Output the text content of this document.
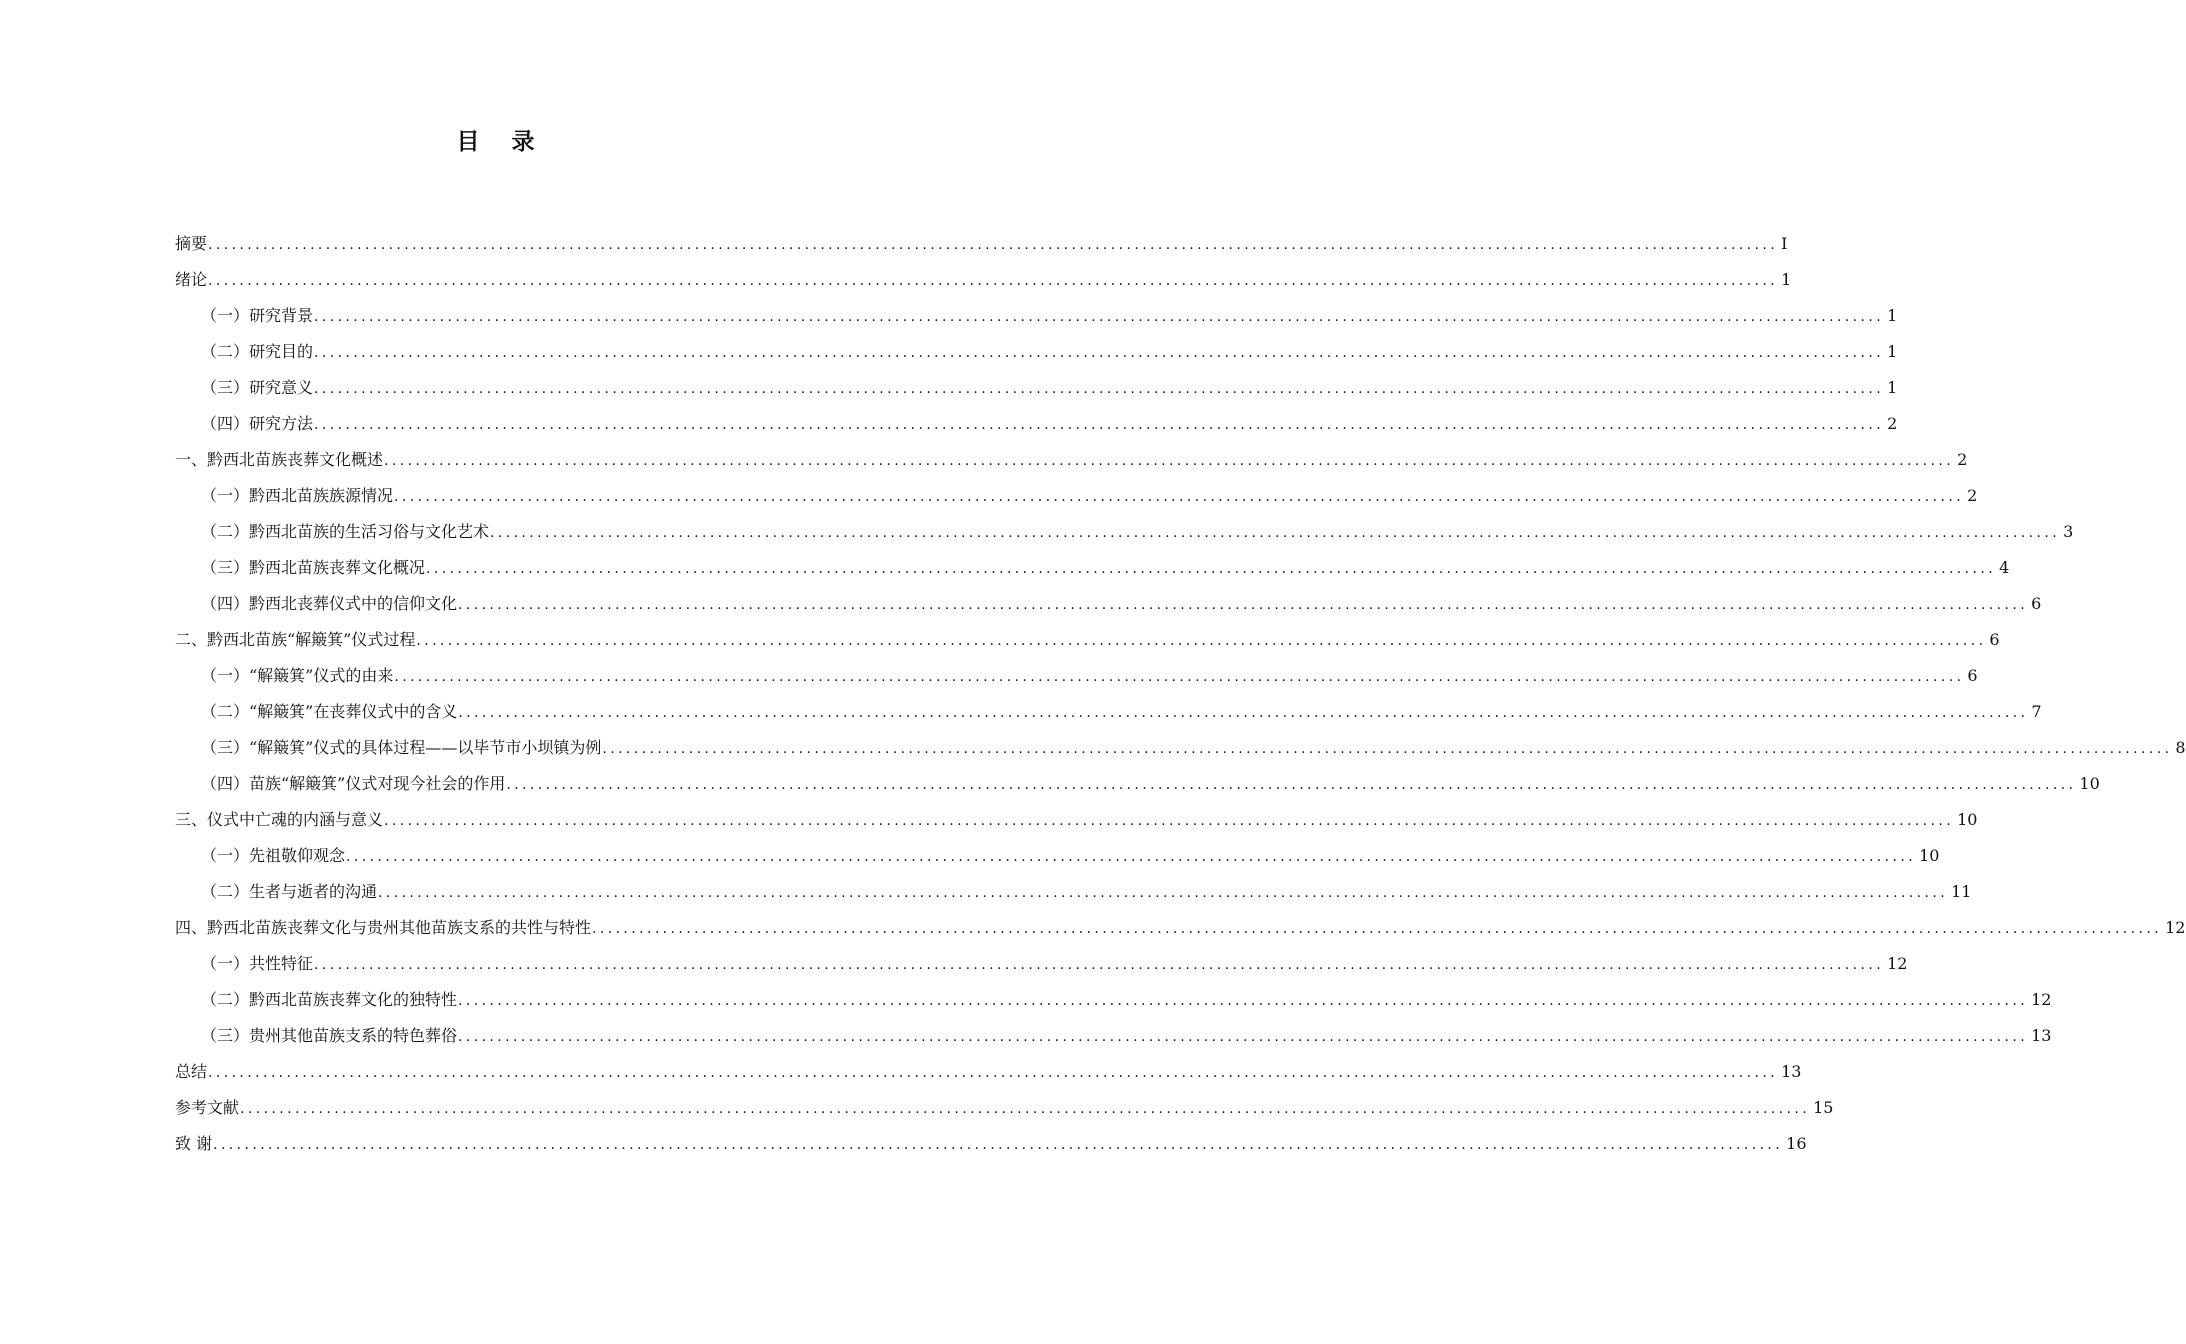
目 录
摘要 ........................................................................................................................................................................................................ I
绪论 ........................................................................................................................................................................................................ 1
（一）研究背景 ........................................................................................................................................................................................................ 1
（二）研究目的 ........................................................................................................................................................................................................ 1
（三）研究意义 ........................................................................................................................................................................................................ 1
（四）研究方法 ........................................................................................................................................................................................................ 2
一、黔西北苗族丧葬文化概述 ........................................................................................................................................................................................................ 2
（一）黔西北苗族族源情况 ........................................................................................................................................................................................................ 2
（二）黔西北苗族的生活习俗与文化艺术 ........................................................................................................................................................................................................ 3
（三）黔西北苗族丧葬文化概况 ........................................................................................................................................................................................................ 4
（四）黔西北丧葬仪式中的信仰文化 ........................................................................................................................................................................................................ 6
二、黔西北苗族“解簸箕”仪式过程 ........................................................................................................................................................................................................ 6
（一）“解簸箕”仪式的由来 ........................................................................................................................................................................................................ 6
（二）“解簸箕”在丧葬仪式中的含义 ........................................................................................................................................................................................................ 7
（三）“解簸箕”仪式的具体过程——以毕节市小坝镇为例 ........................................................................................................................................................................................................ 8
（四）苗族“解簸箕”仪式对现今社会的作用 ........................................................................................................................................................................................................ 10
三、仪式中亡魂的内涵与意义 ........................................................................................................................................................................................................ 10
（一）先祖敬仰观念 ........................................................................................................................................................................................................ 10
（二）生者与逝者的沟通 ........................................................................................................................................................................................................ 11
四、黔西北苗族丧葬文化与贵州其他苗族支系的共性与特性 ........................................................................................................................................................................................................ 12
（一）共性特征 ........................................................................................................................................................................................................ 12
（二）黔西北苗族丧葬文化的独特性 ........................................................................................................................................................................................................ 12
（三）贵州其他苗族支系的特色葬俗 ........................................................................................................................................................................................................ 13
总结 ........................................................................................................................................................................................................ 13
参考文献 ........................................................................................................................................................................................................ 15
致 谢 ........................................................................................................................................................................................................ 16
